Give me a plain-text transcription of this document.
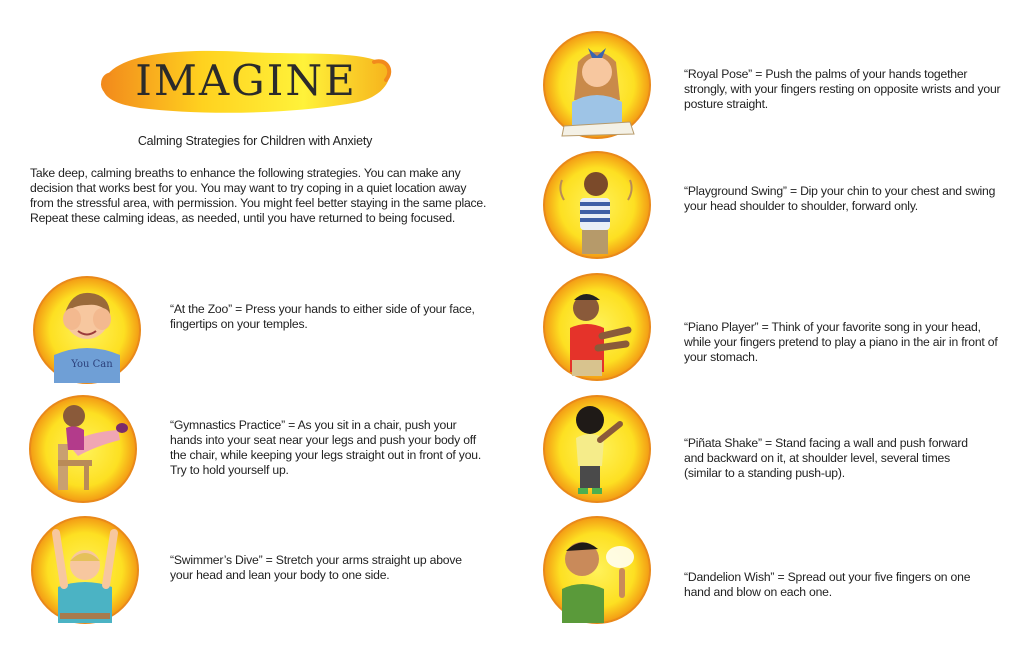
IMAGINE
Calming Strategies for Children with Anxiety
Take deep, calming breaths to enhance the following strategies. You can make any decision that works best for you. You may want to try coping in a quiet location away from the stressful area, with permission. You might feel better staying in the same place. Repeat these calming ideas, as needed, until you have returned to being focused.
You Can
“At the Zoo” = Press your hands to either side of your face, fingertips on your temples.
“Gymnastics Practice” = As you sit in a chair, push your hands into your seat near your legs and push your body off the chair, while keeping your legs straight out in front of you. Try to hold yourself up.
“Swimmer’s Dive” = Stretch your arms straight up above your head and lean your body to one side.
“Royal Pose” = Push the palms of your hands together strongly, with your fingers resting on opposite wrists and your posture straight.
“Playground Swing” = Dip your chin to your chest and swing your head shoulder to shoulder, forward only.
“Piano Player” = Think of your favorite song in your head, while your fingers pretend to play a piano in the air in front of your stomach.
“Piñata Shake” = Stand facing a wall and push forward and backward on it, at shoulder level, several times (similar to a standing push-up).
“Dandelion Wish” = Spread out your five fingers on one hand and blow on each one.
